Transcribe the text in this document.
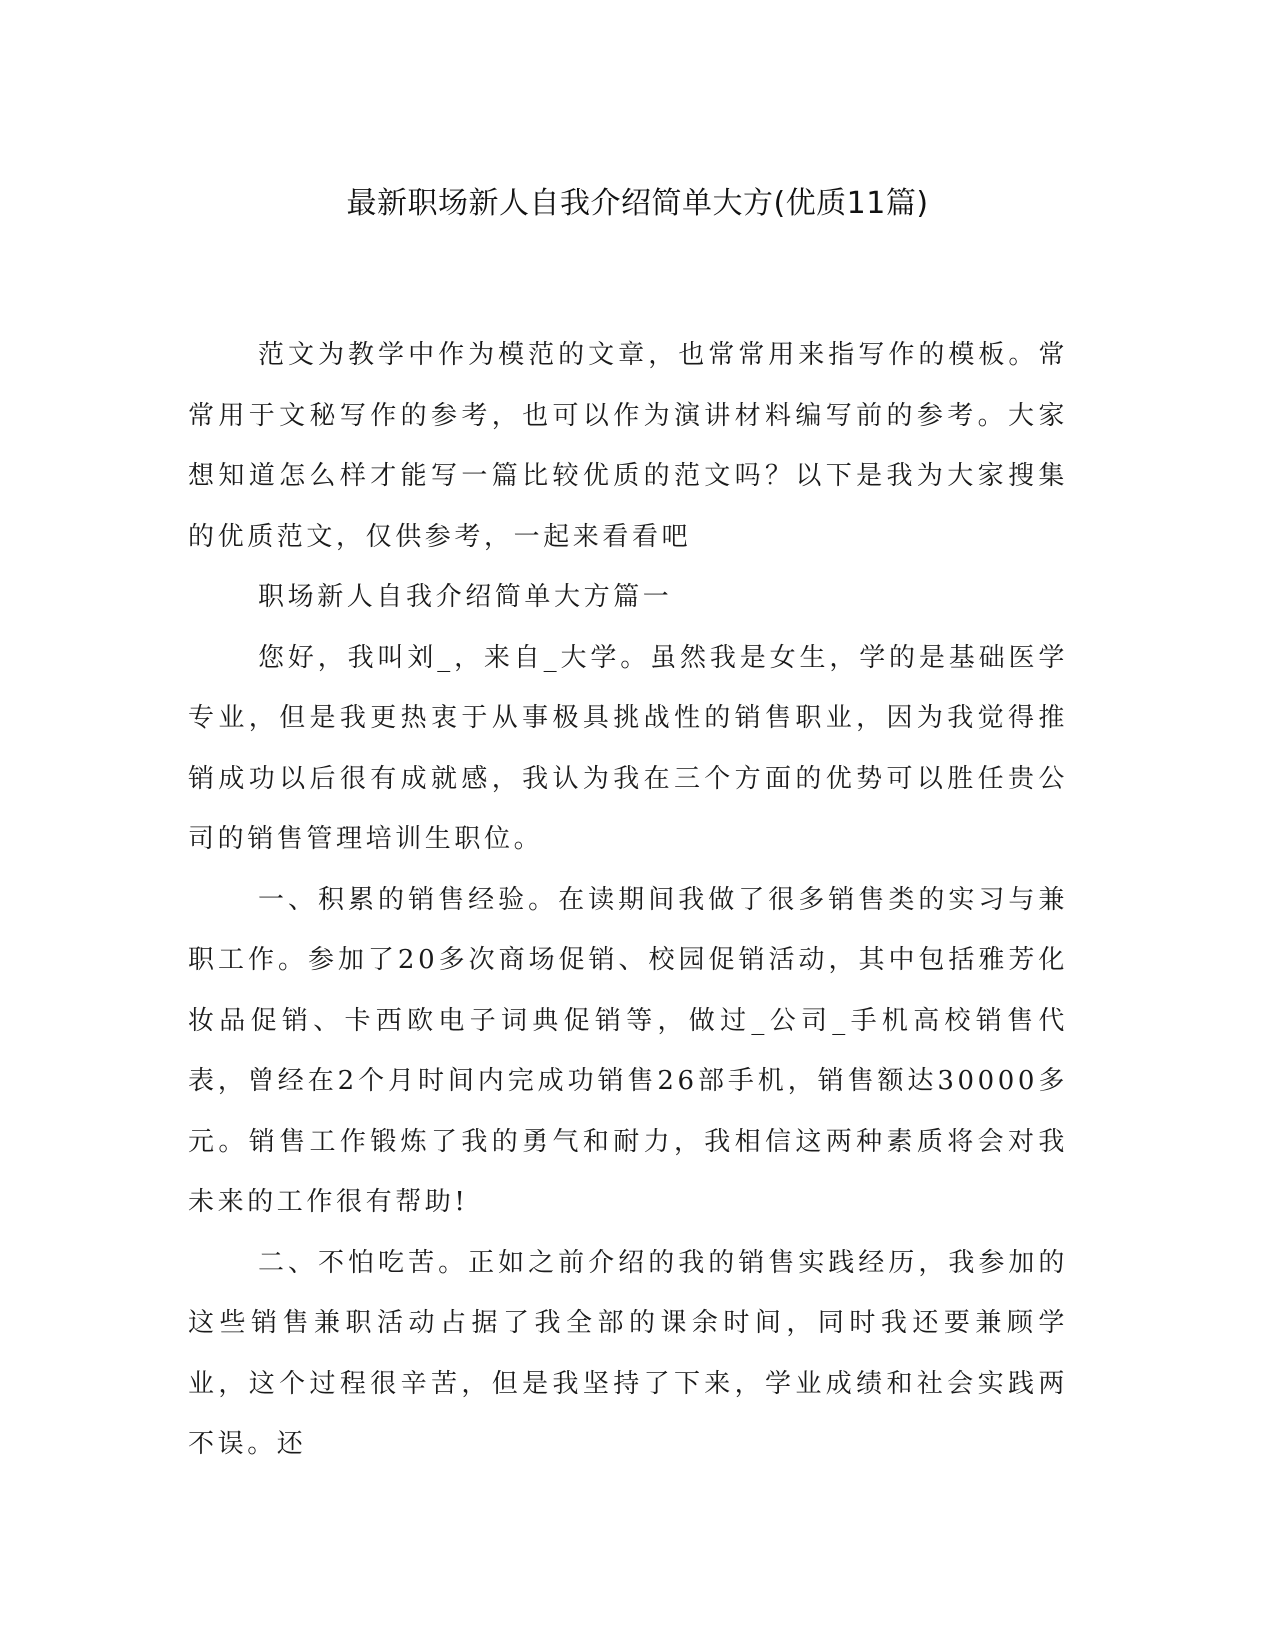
最新职场新人自我介绍简单大方(优质11篇)

范文为教学中作为模范的文章，也常常用来指写作的模板。常常用于文秘写作的参考，也可以作为演讲材料编写前的参考。大家想知道怎么样才能写一篇比较优质的范文吗？以下是我为大家搜集的优质范文，仅供参考，一起来看看吧

职场新人自我介绍简单大方篇一

您好，我叫刘_，来自_大学。虽然我是女生，学的是基础医学专业，但是我更热衷于从事极具挑战性的销售职业，因为我觉得推销成功以后很有成就感，我认为我在三个方面的优势可以胜任贵公司的销售管理培训生职位。

一、积累的销售经验。在读期间我做了很多销售类的实习与兼职工作。参加了20多次商场促销、校园促销活动，其中包括雅芳化妆品促销、卡西欧电子词典促销等，做过_公司_手机高校销售代表，曾经在2个月时间内完成功销售26部手机，销售额达30000多元。销售工作锻炼了我的勇气和耐力，我相信这两种素质将会对我未来的工作很有帮助!

二、不怕吃苦。正如之前介绍的我的销售实践经历，我参加的这些销售兼职活动占据了我全部的课余时间，同时我还要兼顾学业，这个过程很辛苦，但是我坚持了下来，学业成绩和社会实践两不误。还
